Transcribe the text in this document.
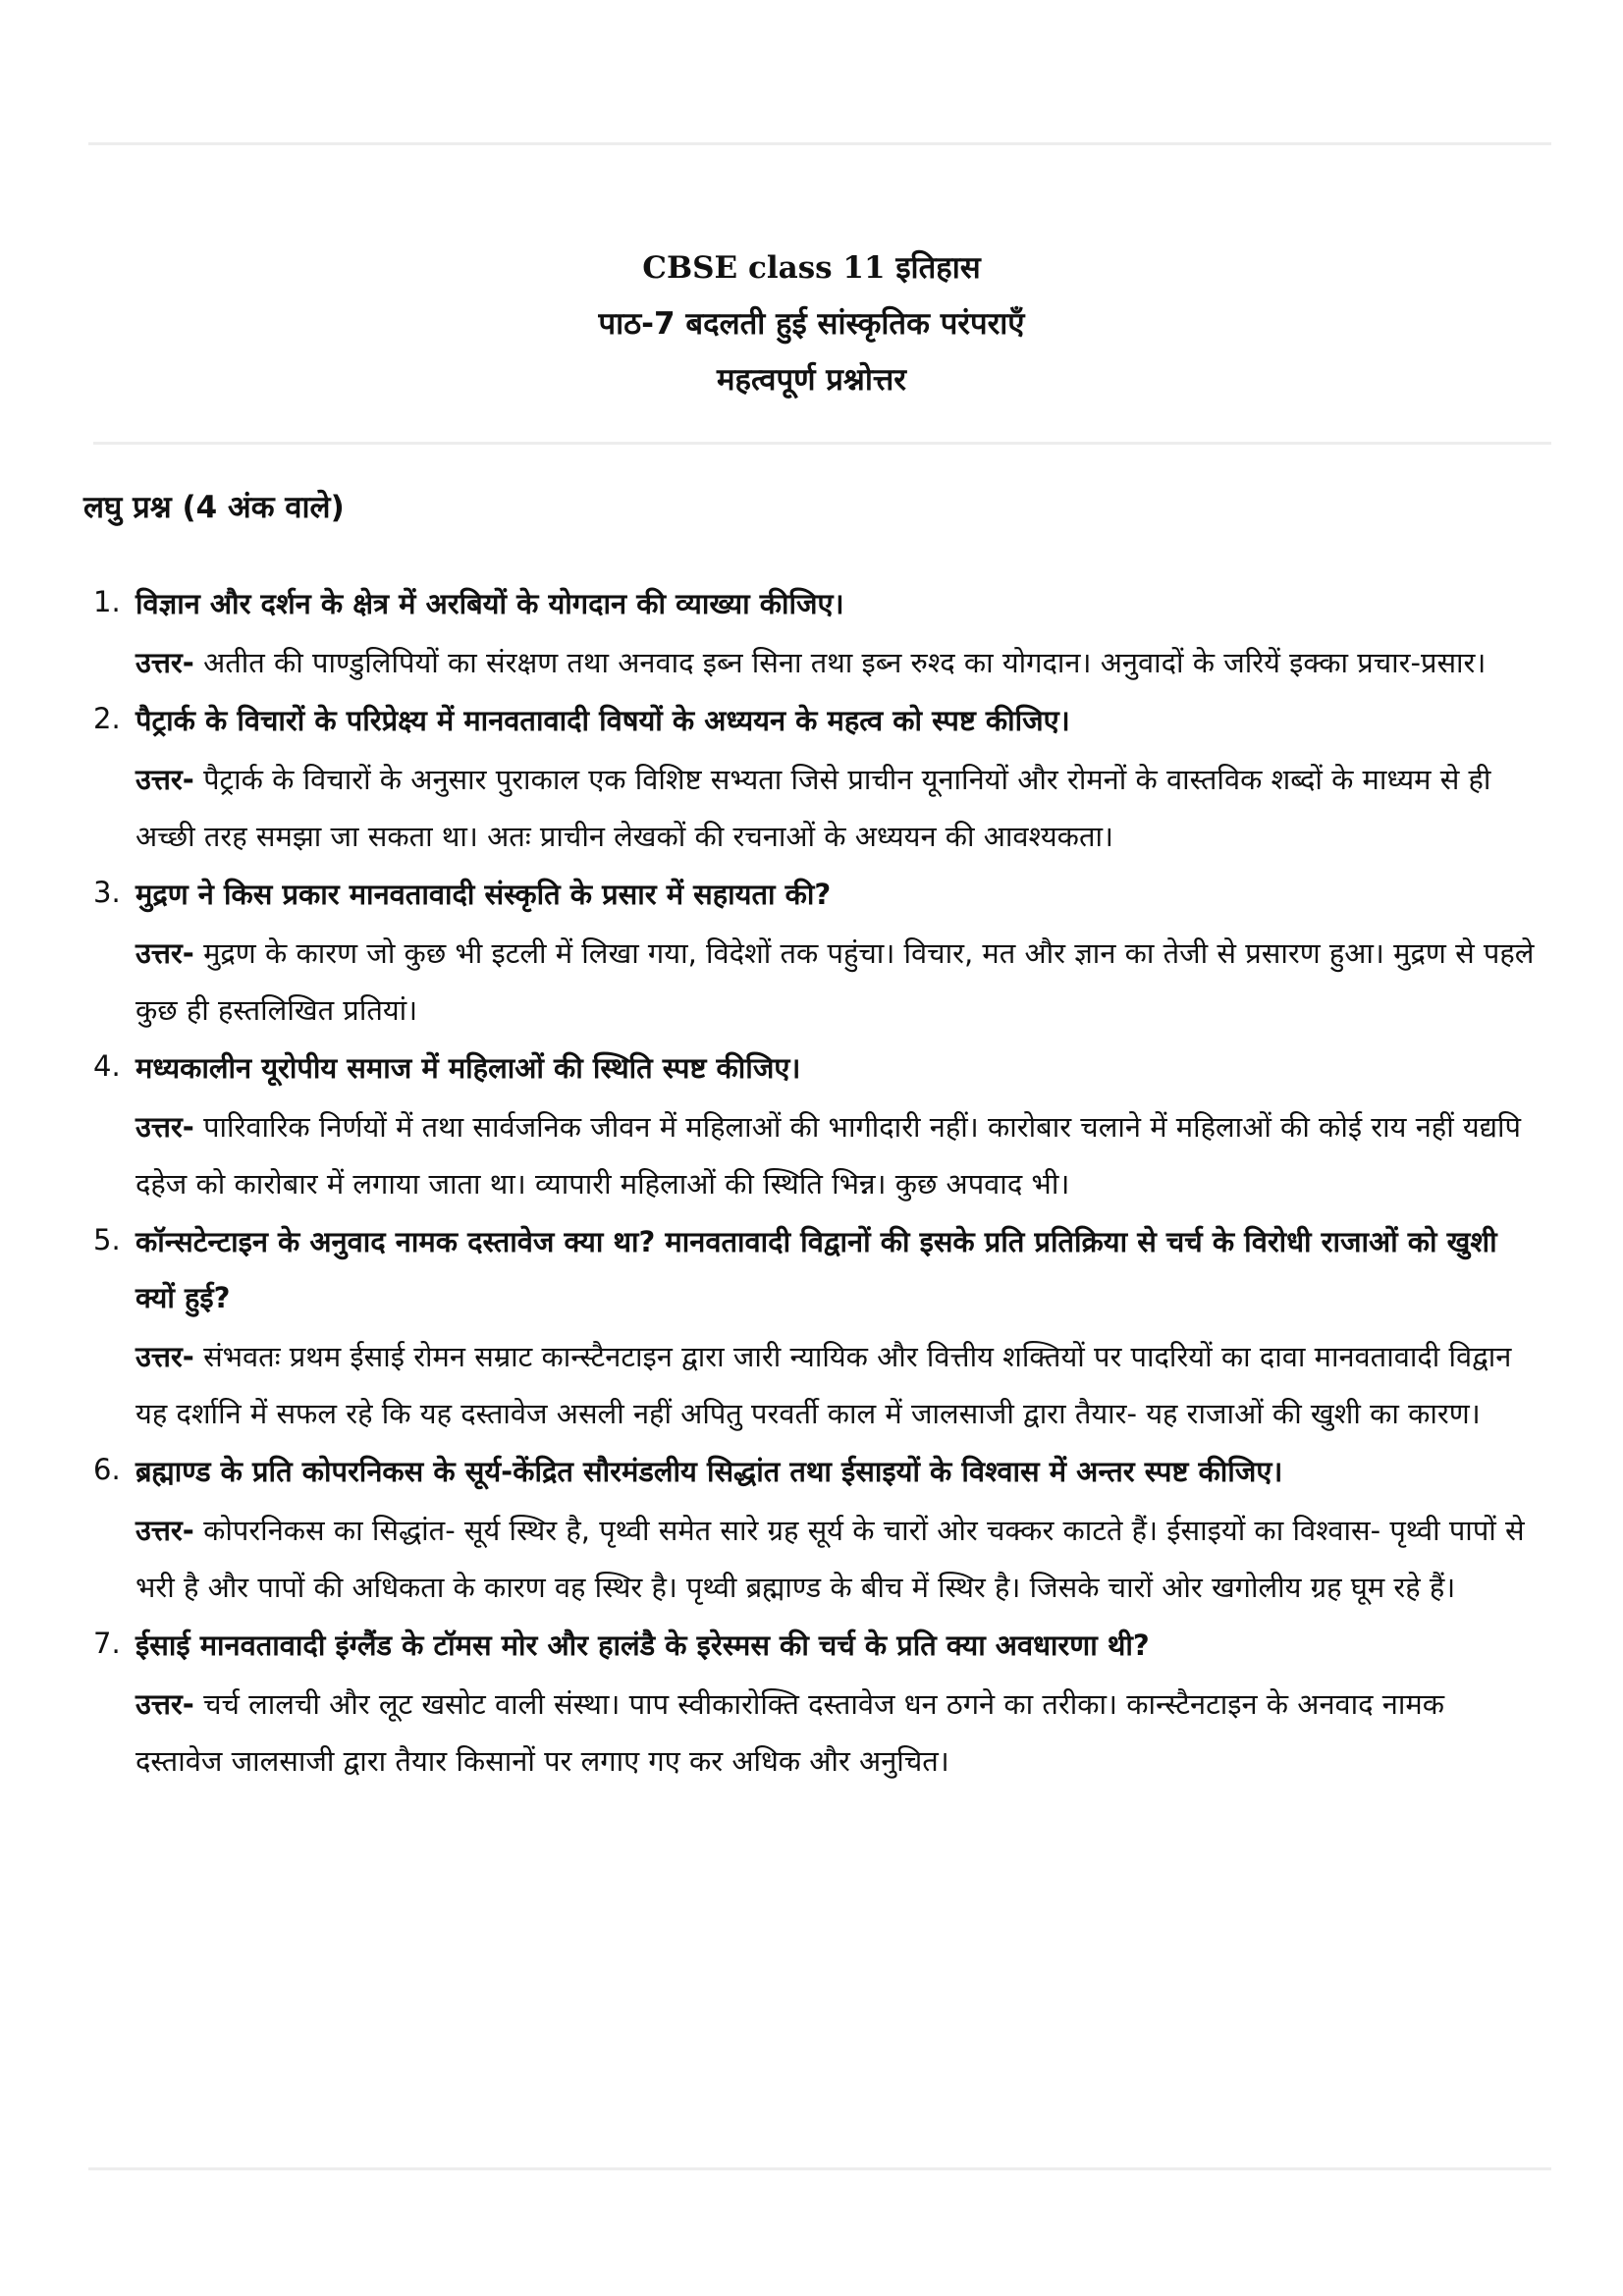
CBSE class 11 इतिहास
पाठ-7 बदलती हुई सांस्कृतिक परंपराएँ
महत्वपूर्ण प्रश्नोत्तर
लघु प्रश्न (4 अंक वाले)
1. विज्ञान और दर्शन के क्षेत्र में अरबियों के योगदान की व्याख्या कीजिए।
उत्तर- अतीत की पाण्डुलिपियों का संरक्षण तथा अनवाद इब्न सिना तथा इब्न रुश्द का योगदान। अनुवादों के जरियें इक्का प्रचार-प्रसार।
2. पैट्रार्क के विचारों के परिप्रेक्ष्य में मानवतावादी विषयों के अध्ययन के महत्व को स्पष्ट कीजिए।
उत्तर- पैट्रार्क के विचारों के अनुसार पुराकाल एक विशिष्ट सभ्यता जिसे प्राचीन यूनानियों और रोमनों के वास्तविक शब्दों के माध्यम से ही अच्छी तरह समझा जा सकता था। अतः प्राचीन लेखकों की रचनाओं के अध्ययन की आवश्यकता।
3. मुद्रण ने किस प्रकार मानवतावादी संस्कृति के प्रसार में सहायता की?
उत्तर- मुद्रण के कारण जो कुछ भी इटली में लिखा गया, विदेशों तक पहुंचा। विचार, मत और ज्ञान का तेजी से प्रसारण हुआ। मुद्रण से पहले कुछ ही हस्तलिखित प्रतियां।
4. मध्यकालीन यूरोपीय समाज में महिलाओं की स्थिति स्पष्ट कीजिए।
उत्तर- पारिवारिक निर्णयों में तथा सार्वजनिक जीवन में महिलाओं की भागीदारी नहीं। कारोबार चलाने में महिलाओं की कोई राय नहीं यद्यपि दहेज को कारोबार में लगाया जाता था। व्यापारी महिलाओं की स्थिति भिन्न। कुछ अपवाद भी।
5. कॉन्सटेन्टाइन के अनुवाद नामक दस्तावेज क्या था? मानवतावादी विद्वानों की इसके प्रति प्रतिक्रिया से चर्च के विरोधी राजाओं को खुशी क्यों हुई?
उत्तर- संभवतः प्रथम ईसाई रोमन सम्राट कान्स्टैनटाइन द्वारा जारी न्यायिक और वित्तीय शक्तियों पर पादरियों का दावा मानवतावादी विद्वान यह दर्शानि में सफल रहे कि यह दस्तावेज असली नहीं अपितु परवर्ती काल में जालसाजी द्वारा तैयार- यह राजाओं की खुशी का कारण।
6. ब्रह्माण्ड के प्रति कोपरनिकस के सूर्य-केंद्रित सौरमंडलीय सिद्धांत तथा ईसाइयों के विश्वास में अन्तर स्पष्ट कीजिए।
उत्तर- कोपरनिकस का सिद्धांत- सूर्य स्थिर है, पृथ्वी समेत सारे ग्रह सूर्य के चारों ओर चक्कर काटते हैं। ईसाइयों का विश्वास- पृथ्वी पापों से भरी है और पापों की अधिकता के कारण वह स्थिर है। पृथ्वी ब्रह्माण्ड के बीच में स्थिर है। जिसके चारों ओर खगोलीय ग्रह घूम रहे हैं।
7. ईसाई मानवतावादी इंग्लैंड के टॉमस मोर और हालंडै के इरेस्मस की चर्च के प्रति क्या अवधारणा थी?
उत्तर- चर्च लालची और लूट खसोट वाली संस्था। पाप स्वीकारोक्ति दस्तावेज धन ठगने का तरीका। कान्स्टैनटाइन के अनवाद नामक दस्तावेज जालसाजी द्वारा तैयार किसानों पर लगाए गए कर अधिक और अनुचित।
